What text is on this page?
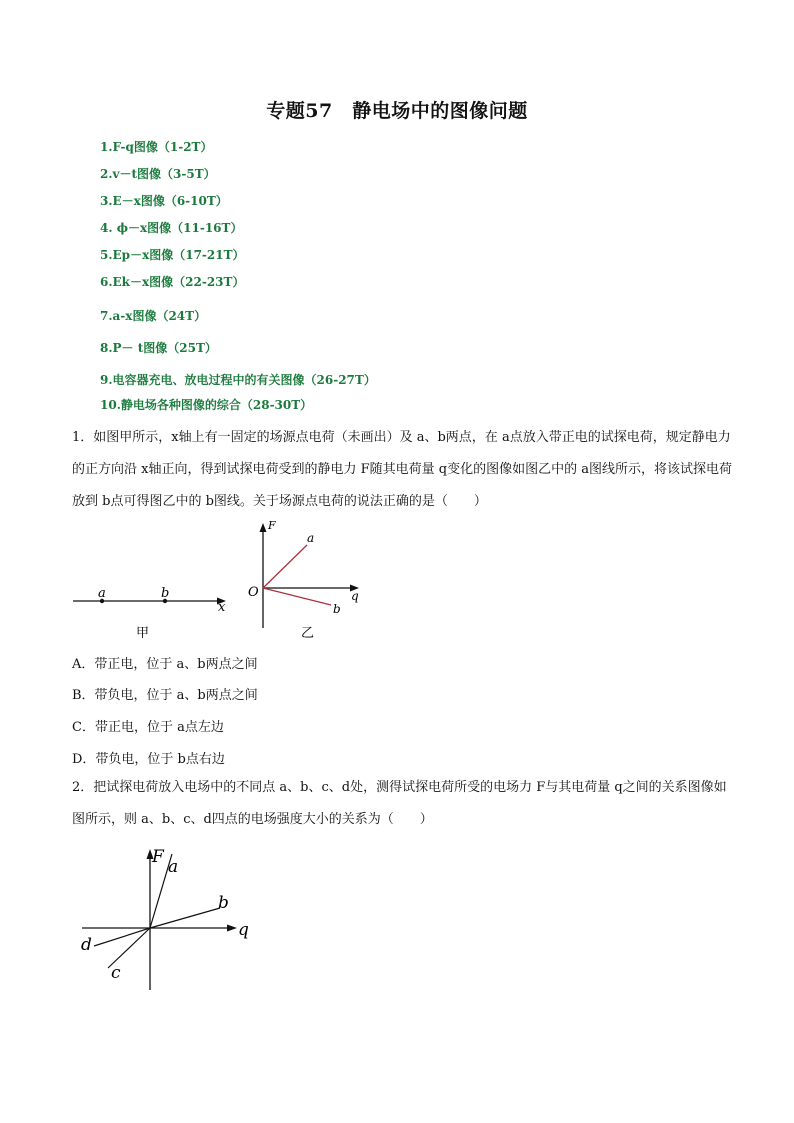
专题57　静电场中的图像问题
1.F-q图像（1-2T）
2.v－t图像（3-5T）
3.E－x图像（6-10T）
4. ϕ－x图像（11-16T）
5.Ep－x图像（17-21T）
6.Ek－x图像（22-23T）
7.a-x图像（24T）
8.P－ t图像（25T）
9.电容器充电、放电过程中的有关图像（26-27T）
10.静电场各种图像的综合（28-30T）
1．如图甲所示，x轴上有一固定的场源点电荷（未画出）及 a、b两点，在 a点放入带正电的试探电荷，规定静电力的正方向沿 x轴正向，得到试探电荷受到的静电力 F随其电荷量 q变化的图像如图乙中的 a图线所示，将该试探电荷放到 b点可得图乙中的 b图线。关于场源点电荷的说法正确的是（　　）
a	b
x
甲
F
q
O
a
b
乙
A．带正电，位于 a、b两点之间
B．带负电，位于 a、b两点之间
C．带正电，位于 a点左边
D．带负电，位于 b点右边
2．把试探电荷放入电场中的不同点 a、b、c、d处，测得试探电荷所受的电场力 F与其电荷量 q之间的关系图像如图所示，则 a、b、c、d四点的电场强度大小的关系为（　　）
F a
b
q
d
c
